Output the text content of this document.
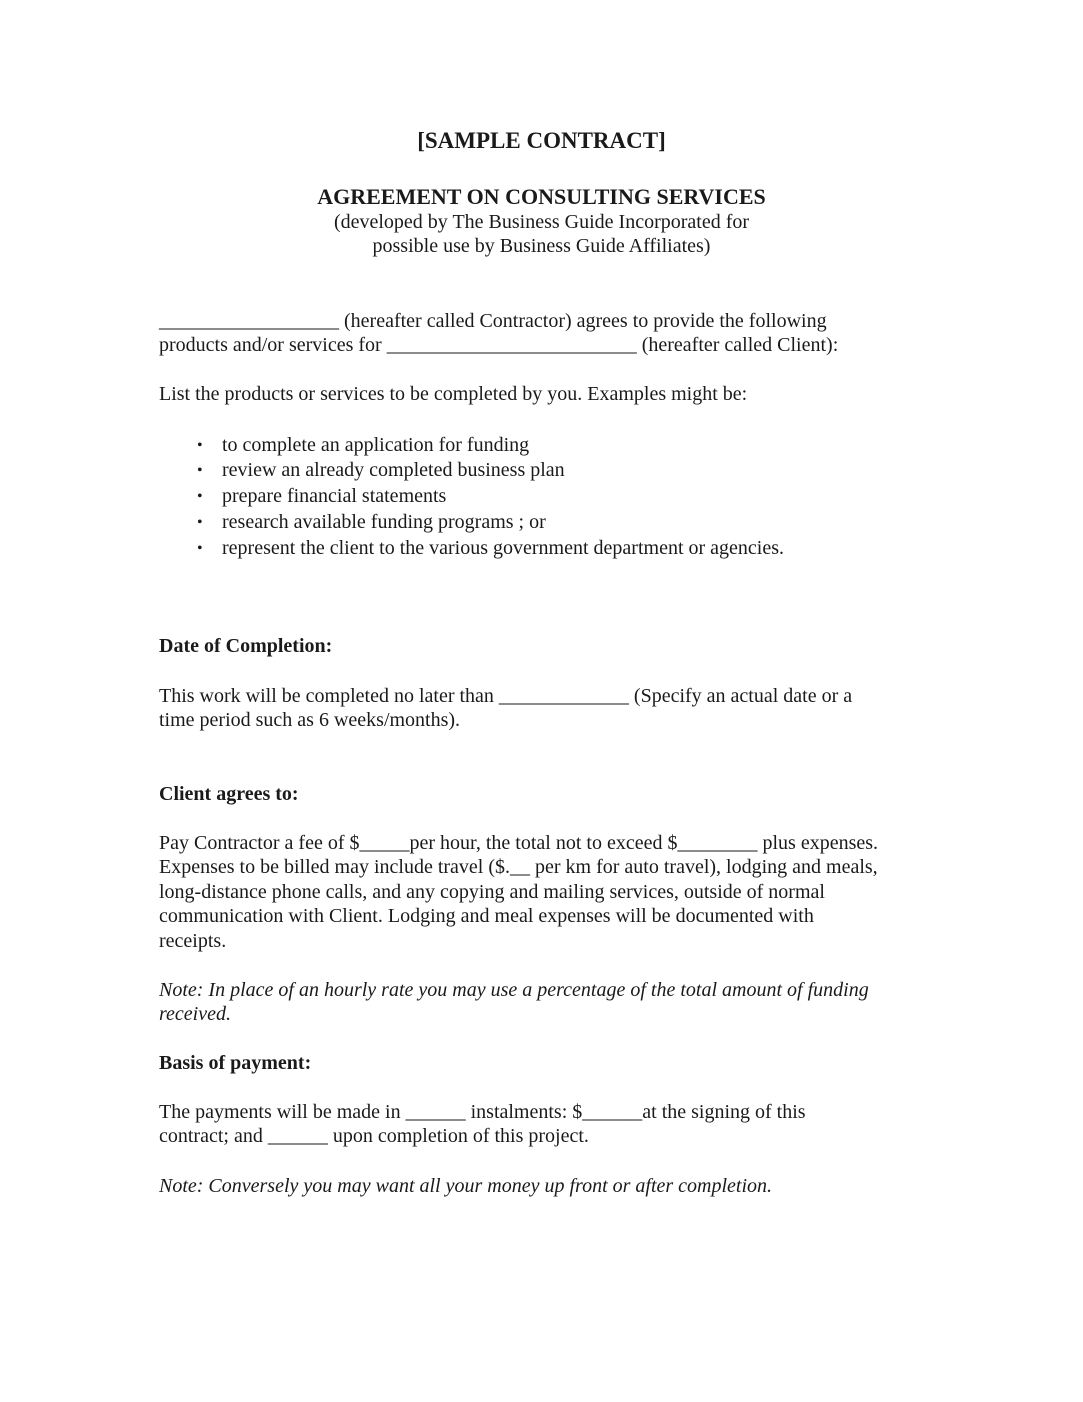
[SAMPLE CONTRACT]
AGREEMENT ON CONSULTING SERVICES
(developed by The Business Guide Incorporated for
possible use by Business Guide Affiliates)
__________________ (hereafter called Contractor) agrees to provide the following
products and/or services for _________________________ (hereafter called Client):
List the products or services to be completed by you. Examples might be:
• to complete an application for funding
• review an already completed business plan
• prepare financial statements
• research available funding programs ; or
• represent the client to the various government department or agencies.
Date of Completion:
This work will be completed no later than _____________ (Specify an actual date or a
time period such as 6 weeks/months).
Client agrees to:
Pay Contractor a fee of $_____per hour, the total not to exceed $________ plus expenses.
Expenses to be billed may include travel ($.__ per km for auto travel), lodging and meals,
long-distance phone calls, and any copying and mailing services, outside of normal
communication with Client. Lodging and meal expenses will be documented with
receipts.
Note: In place of an hourly rate you may use a percentage of the total amount of funding
received.
Basis of payment:
The payments will be made in ______ instalments: $______at the signing of this
contract; and ______ upon completion of this project.
Note: Conversely you may want all your money up front or after completion.
